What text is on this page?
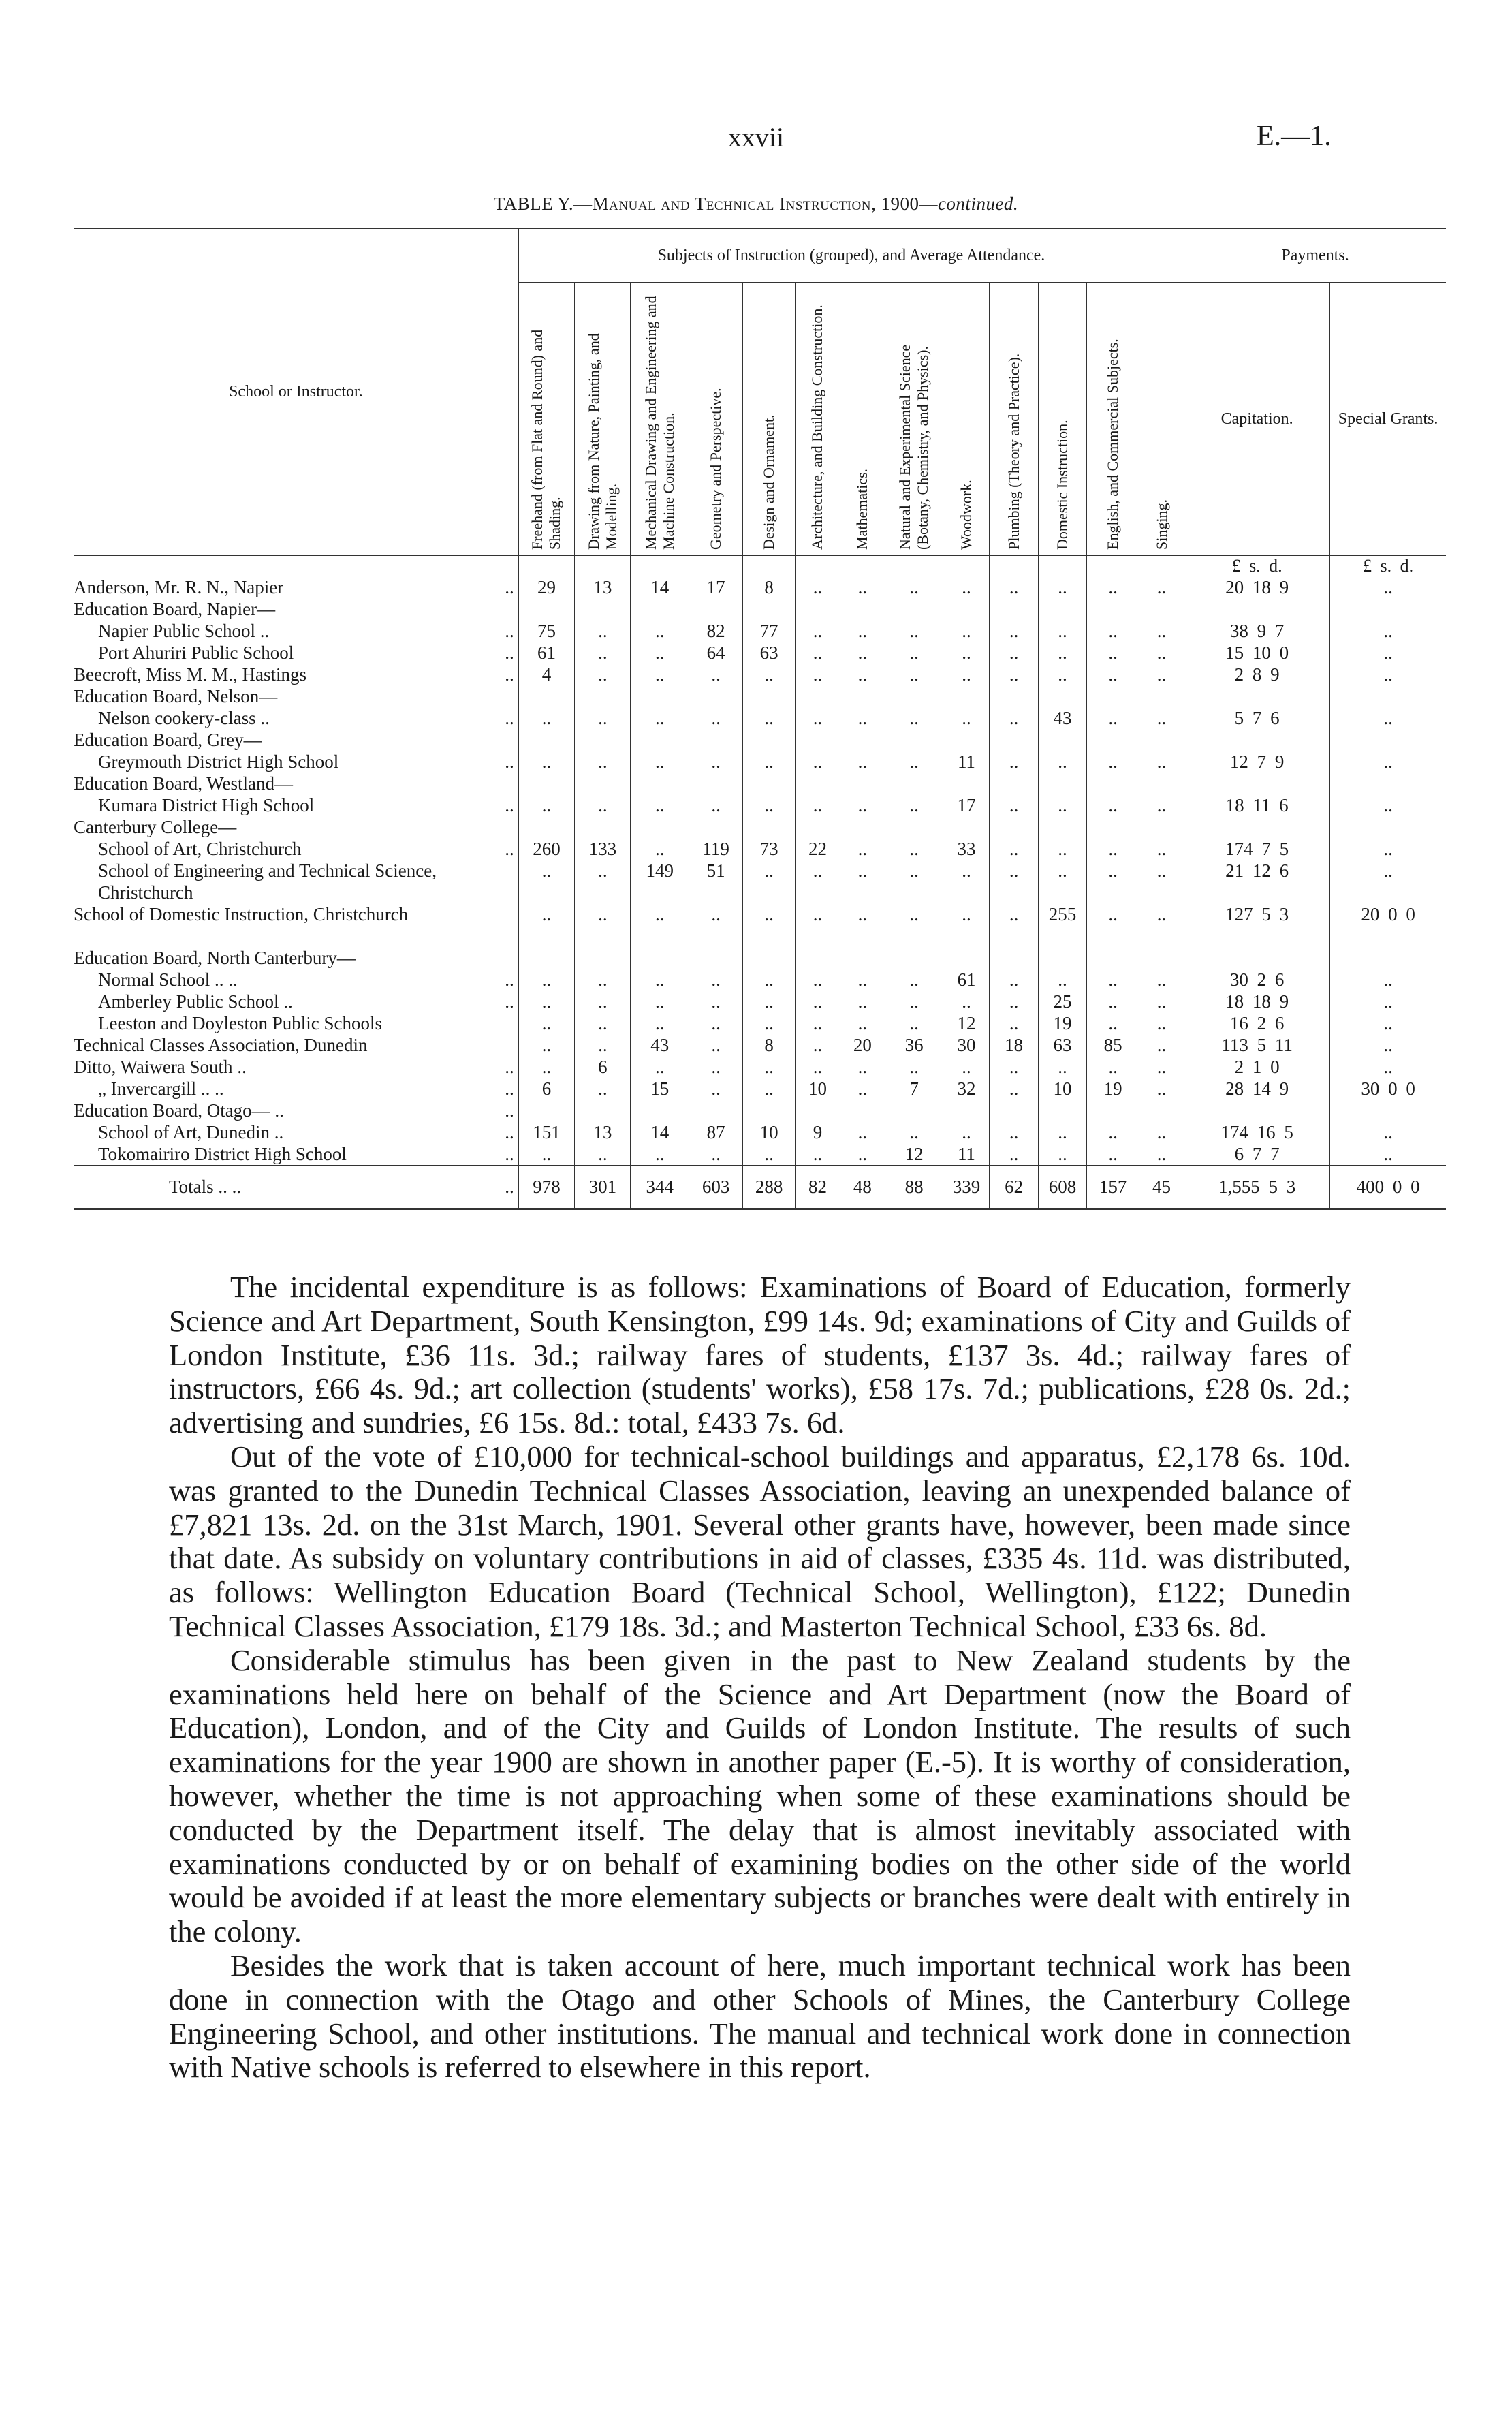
xxvii	E.—1.
TABLE Y.—Manual and Technical Instruction, 1900—continued.
School or Instructor.	Subjects of Instruction (grouped), and Average Attendance.													Payments.	

	Freehand (from Flat and Round) and Shading.	Drawing from Nature, Painting, and Modelling.	Mechanical Drawing and Engineering and Machine Construction.	Geometry and Perspective.	Design and Ornament.	Architecture, and Building Construction.	Mathematics.	Natural and Experimental Science (Botany, Chemistry, and Physics).	Woodwork.	Plumbing (Theory and Practice).	Domestic Instruction.	English, and Commercial Subjects.	Singing.	Capitation.	Special Grants.
														£ s. d.	£ s. d.
Anderson, Mr. R. N., Napier ..	29	13	14	17	8	..	..	..	..	..	..	..	..	20 18 9	..
Education Board, Napier—															
Napier Public School .. ..	75	..	..	82	77	..	..	..	..	..	..	..	..	38 9 7	..
Port Ahuriri Public School ..	61	..	..	64	63	..	..	..	..	..	..	..	..	15 10 0	..
Beecroft, Miss M. M., Hastings ..	4	..	..	..	..	..	..	..	..	..	..	..	..	2 8 9	..
Education Board, Nelson—															
Nelson cookery-class .. ..	..	..	..	..	..	..	..	..	..	..	43	..	..	5 7 6	..
Education Board, Grey—															
Greymouth District High School ..	..	..	..	..	..	..	..	..	11	..	..	..	..	12 7 9	..
Education Board, Westland—															
Kumara District High School ..	..	..	..	..	..	..	..	..	17	..	..	..	..	18 11 6	..
Canterbury College—															
School of Art, Christchurch ..	260	133	..	119	73	22	..	..	33	..	..	..	..	174 7 5	..
School of Engineering and Technical Science, Christchurch	..	..	149	51	..	..	..	..	..	..	..	..	..	21 12 6	..
School of Domestic Instruction, Christchurch	..	..	..	..	..	..	..	..	..	..	255	..	..	127 5 3	20 0 0
Education Board, North Canterbury—															
Normal School .. .. ..	..	..	..	..	..	..	..	..	61	..	..	..	..	30 2 6	..
Amberley Public School .. ..	..	..	..	..	..	..	..	..	..	..	25	..	..	18 18 9	..
Leeston and Doyleston Public Schools	..	..	..	..	..	..	..	..	12	..	19	..	..	16 2 6	..
Technical Classes Association, Dunedin	..	..	43	..	8	..	20	36	30	18	63	85	..	113 5 11	..
Ditto, Waiwera South .. ..	..	6	..	..	..	..	..	..	..	..	..	..	..	2 1 0	..
„ Invercargill .. .. ..	6	..	15	..	..	10	..	7	32	..	10	19	..	28 14 9	30 0 0
Education Board, Otago— .. ..															

School of Art, Dunedin .. ..	151	13	14	87	10	9	..	..	..	..	..	..	..	174 16 5	..
Tokomairiro District High School ..	..	..	..	..	..	..	..	12	11	..	..	..	..	6 7 7	..
Totals .. .. ..	978	301	344	603	288	82	48	88	339	62	608	157	45	1,555 5 3	400 0 0

The incidental expenditure is as follows: Examinations of Board of Education, formerly Science and Art Department, South Kensington, £99 14s. 9d; examinations of City and Guilds of London Institute, £36 11s. 3d.; railway fares of students, £137 3s. 4d.; railway fares of instructors, £66 4s. 9d.; art collection (students' works), £58 17s. 7d.; publications, £28 0s. 2d.; advertising and sundries, £6 15s. 8d.: total, £433 7s. 6d.

Out of the vote of £10,000 for technical-school buildings and apparatus, £2,178 6s. 10d. was granted to the Dunedin Technical Classes Association, leaving an unexpended balance of £7,821 13s. 2d. on the 31st March, 1901. Several other grants have, however, been made since that date. As subsidy on voluntary contributions in aid of classes, £335 4s. 11d. was distributed, as follows: Wellington Education Board (Technical School, Wellington), £122; Dunedin Technical Classes Association, £179 18s. 3d.; and Masterton Technical School, £33 6s. 8d.

Considerable stimulus has been given in the past to New Zealand students by the examinations held here on behalf of the Science and Art Department (now the Board of Education), London, and of the City and Guilds of London Institute. The results of such examinations for the year 1900 are shown in another paper (E.-5). It is worthy of consideration, however, whether the time is not approaching when some of these examinations should be conducted by the Department itself. The delay that is almost inevitably associated with examinations conducted by or on behalf of examining bodies on the other side of the world would be avoided if at least the more elementary subjects or branches were dealt with entirely in the colony.

Besides the work that is taken account of here, much important technical work has been done in connection with the Otago and other Schools of Mines, the Canterbury College Engineering School, and other institutions. The manual and technical work done in connection with Native schools is referred to elsewhere in this report.
